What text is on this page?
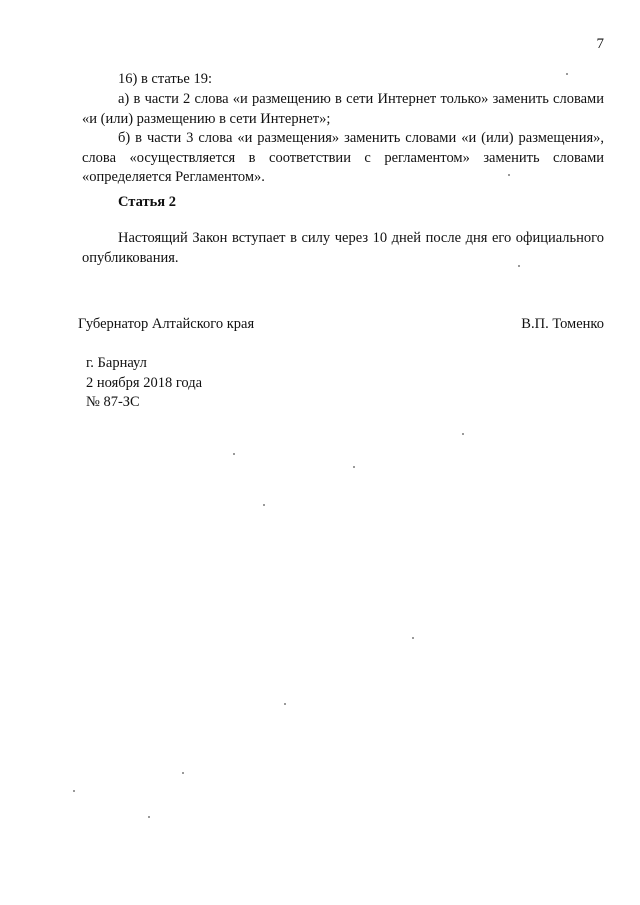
7
16) в статье 19:
а) в части 2 слова «и размещению в сети Интернет только» заменить словами «и (или) размещению в сети Интернет»;
б) в части 3 слова «и размещения» заменить словами «и (или) размещения», слова «осуществляется в соответствии с регламентом» заменить словами «определяется Регламентом».
Статья 2
Настоящий Закон вступает в силу через 10 дней после дня его официального опубликования.
Губернатор Алтайского края	В.П. Томенко
г. Барнаул
2 ноября 2018 года
№ 87-ЗС
